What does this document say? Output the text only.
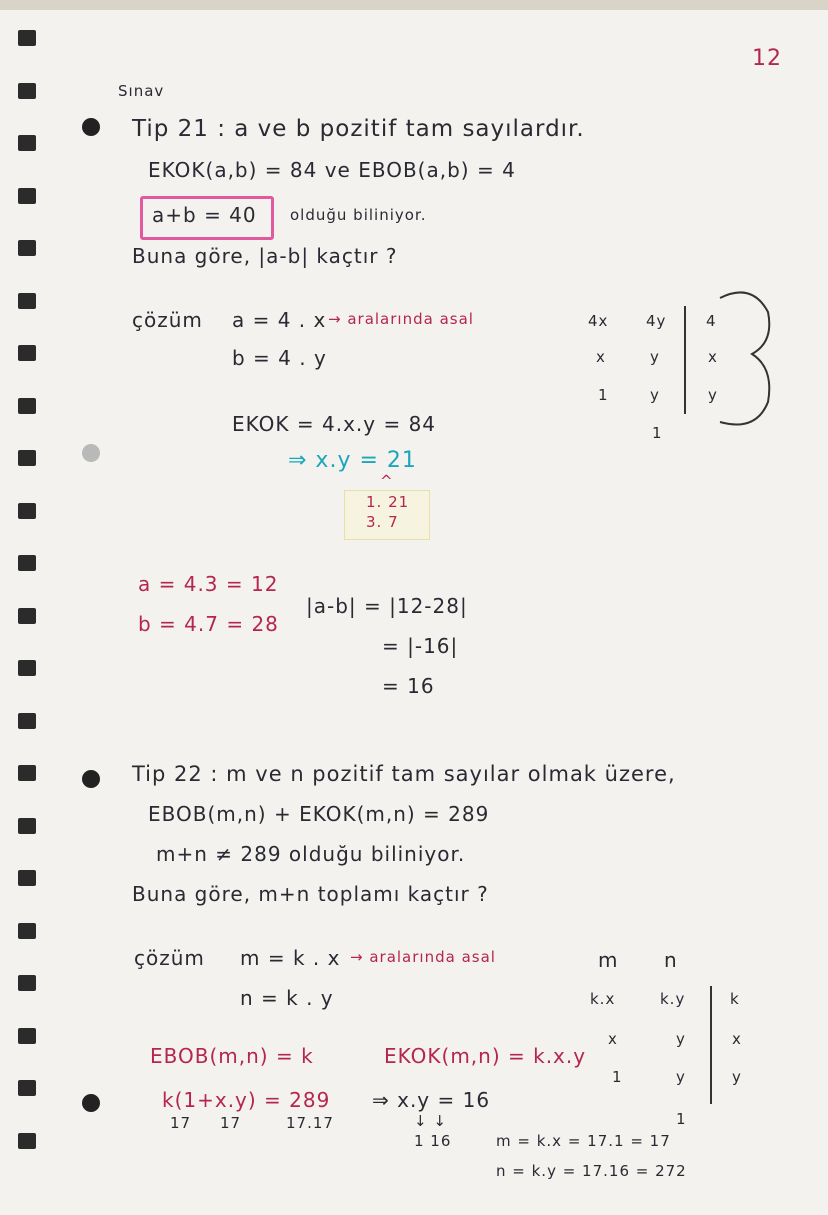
12
Sınav
Tip 21 : a ve b pozitif tam sayılardır.
EKOK(a,b) = 84 ve EBOB(a,b) = 4
a+b = 40 olduğu biliniyor.
Buna göre, |a-b| kaçtır ?
çözüm a = 4 . x → aralarında asal
b = 4 . y
EKOK = 4.x.y = 84
⇒ x.y = 21
^
1. 21
3. 7
a = 4.3 = 12
b = 4.7 = 28
|a-b| = |12-28|
= |-16|
= 16
4x	4y	4
x	y	x
1	y	y
1
Tip 22 : m ve n pozitif tam sayılar olmak üzere,
EBOB(m,n) + EKOK(m,n) = 289
m+n ≠ 289 olduğu biliniyor.
Buna göre, m+n toplamı kaçtır ?
çözüm m = k . x → aralarında asal
n = k . y
EBOB(m,n) = k	EKOK(m,n) = k.x.y
k(1+x.y) = 289
17 17	17.17
⇒ x.y = 16
↓ ↓
1 16	m = k.x = 17.1 = 17
n = k.y = 17.16 = 272
m n
k.x	k.y	k
x	y	x
1	y	y
1
